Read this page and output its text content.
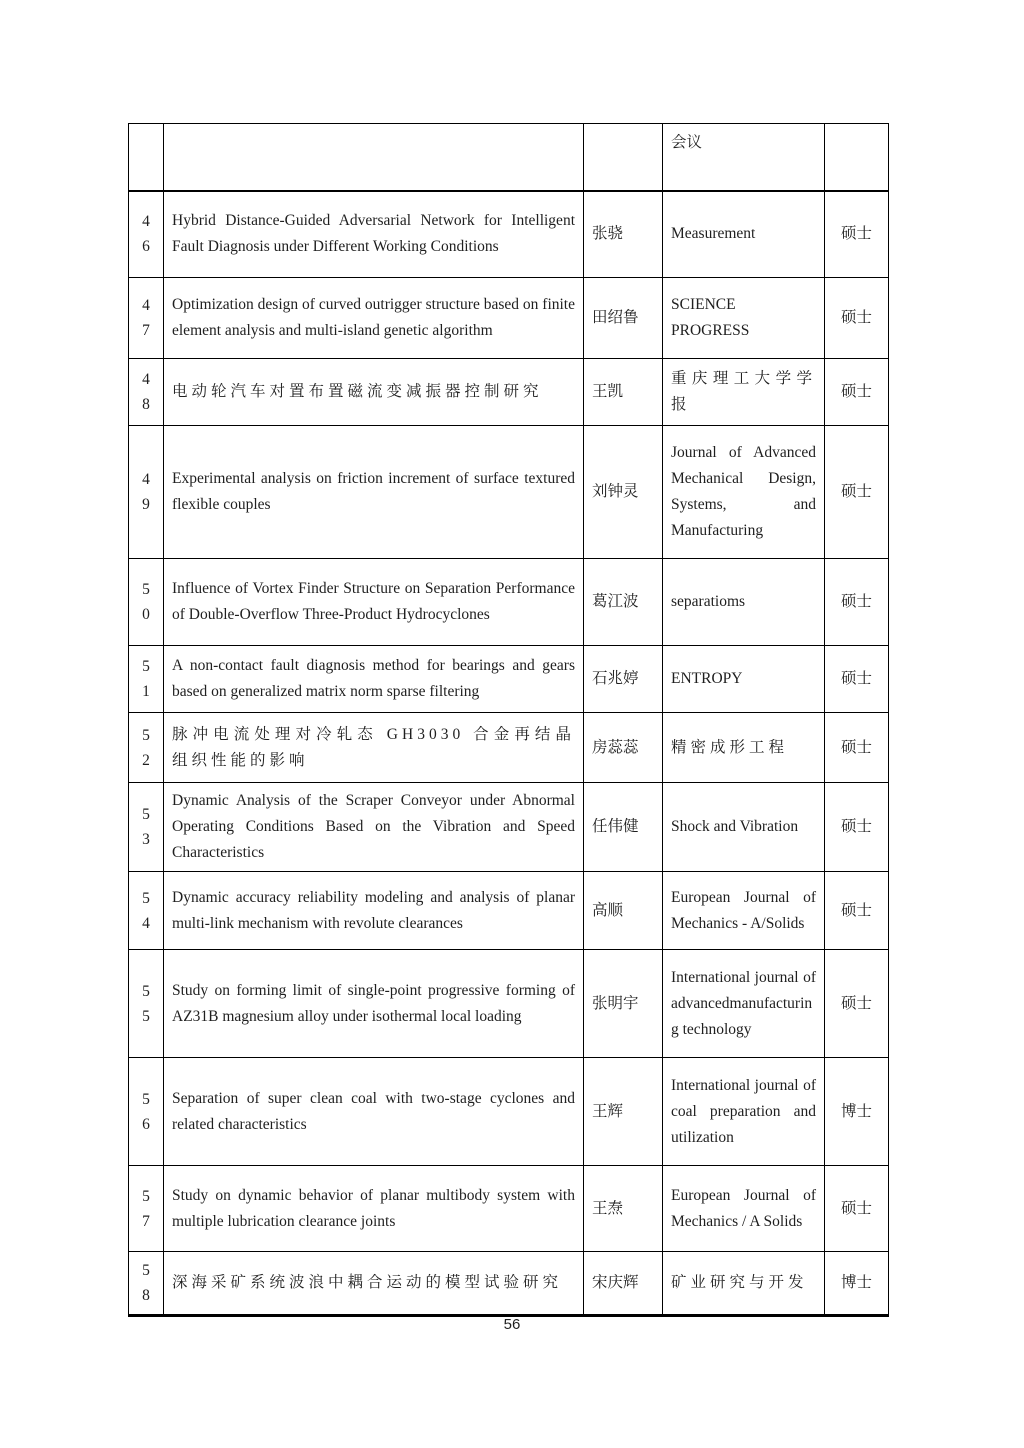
			会议	

46	Hybrid Distance-Guided Adversarial Network for Intelligent Fault Diagnosis under Different Working Conditions	张骁	Measurement	硕士

47	Optimization design of curved outrigger structure based on finite element analysis and multi-island genetic algorithm	田绍鲁	SCIENCE PROGRESS	硕士

48	电动轮汽车对置布置磁流变减振器控制研究	王凯	重庆理工大学学报	硕士

49	Experimental analysis on friction increment of surface textured flexible couples	刘钟灵	Journal of Advanced Mechanical Design, Systems, and Manufacturing	硕士

50	Influence of Vortex Finder Structure on Separation Performance of Double-Overflow Three-Product Hydrocyclones	葛江波	separatioms	硕士

51	A non-contact fault diagnosis method for bearings and gears based on generalized matrix norm sparse filtering	石兆婷	ENTROPY	硕士

52	脉冲电流处理对冷轧态 GH3030 合金再结晶组织性能的影响	房蕊蕊	精密成形工程	硕士

53	Dynamic Analysis of the Scraper Conveyor under Abnormal Operating Conditions Based on the Vibration and Speed Characteristics	任伟健	Shock and Vibration	硕士

54	Dynamic accuracy reliability modeling and analysis of planar multi-link mechanism with revolute clearances	高顺	European Journal of Mechanics - A/Solids	硕士

55	Study on forming limit of single-point progressive forming of AZ31B magnesium alloy under isothermal local loading	张明宇	International journal of advancedmanufacturing technology	硕士

56	Separation of super clean coal with two-stage cyclones and related characteristics	王辉	International journal of coal preparation and utilization	博士

57	Study on dynamic behavior of planar multibody system with multiple lubrication clearance joints	王焘	European Journal of Mechanics / A Solids	硕士

58	深海采矿系统波浪中耦合运动的模型试验研究	宋庆辉	矿业研究与开发	博士
56
